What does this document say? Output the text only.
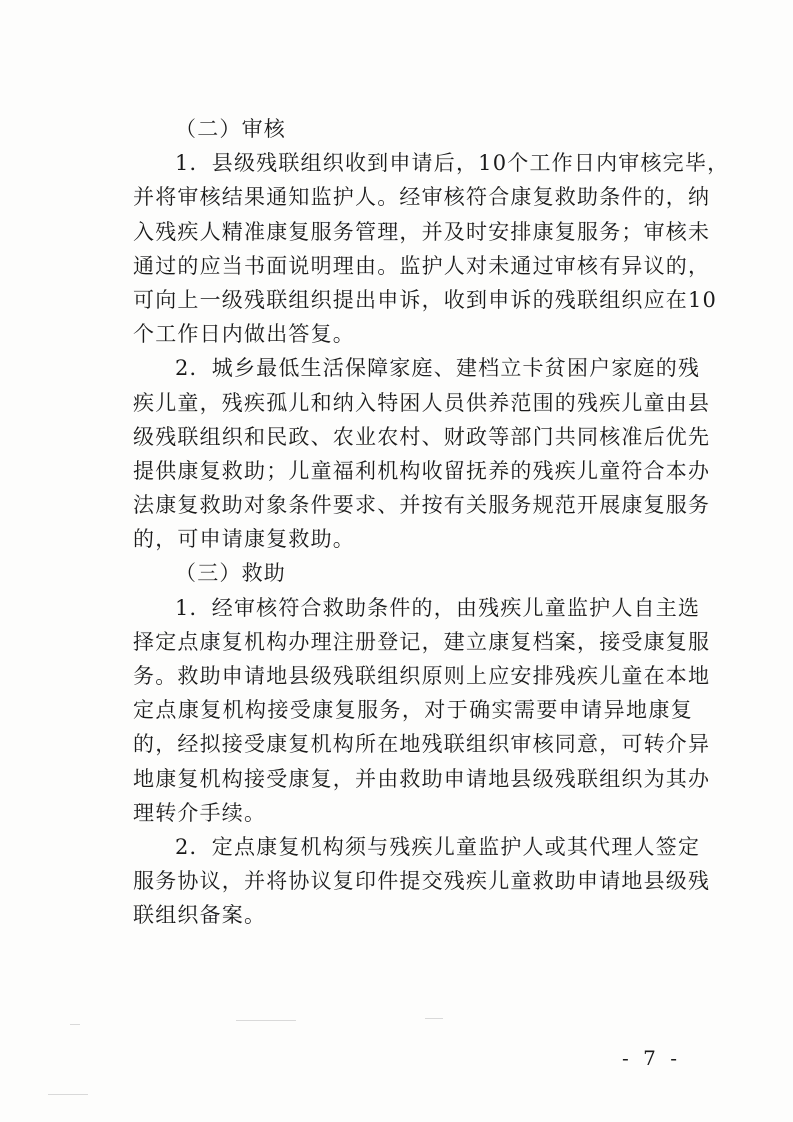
（二）审核
1．县级残联组织收到申请后，10个工作日内审核完毕，
并将审核结果通知监护人。经审核符合康复救助条件的，纳
入残疾人精准康复服务管理，并及时安排康复服务；审核未
通过的应当书面说明理由。监护人对未通过审核有异议的，
可向上一级残联组织提出申诉，收到申诉的残联组织应在10
个工作日内做出答复。
2．城乡最低生活保障家庭、建档立卡贫困户家庭的残
疾儿童，残疾孤儿和纳入特困人员供养范围的残疾儿童由县
级残联组织和民政、农业农村、财政等部门共同核准后优先
提供康复救助；儿童福利机构收留抚养的残疾儿童符合本办
法康复救助对象条件要求、并按有关服务规范开展康复服务
的，可申请康复救助。
（三）救助
1．经审核符合救助条件的，由残疾儿童监护人自主选
择定点康复机构办理注册登记，建立康复档案，接受康复服
务。救助申请地县级残联组织原则上应安排残疾儿童在本地
定点康复机构接受康复服务，对于确实需要申请异地康复
的，经拟接受康复机构所在地残联组织审核同意，可转介异
地康复机构接受康复，并由救助申请地县级残联组织为其办
理转介手续。
2．定点康复机构须与残疾儿童监护人或其代理人签定
服务协议，并将协议复印件提交残疾儿童救助申请地县级残
联组织备案。
- 7 -
